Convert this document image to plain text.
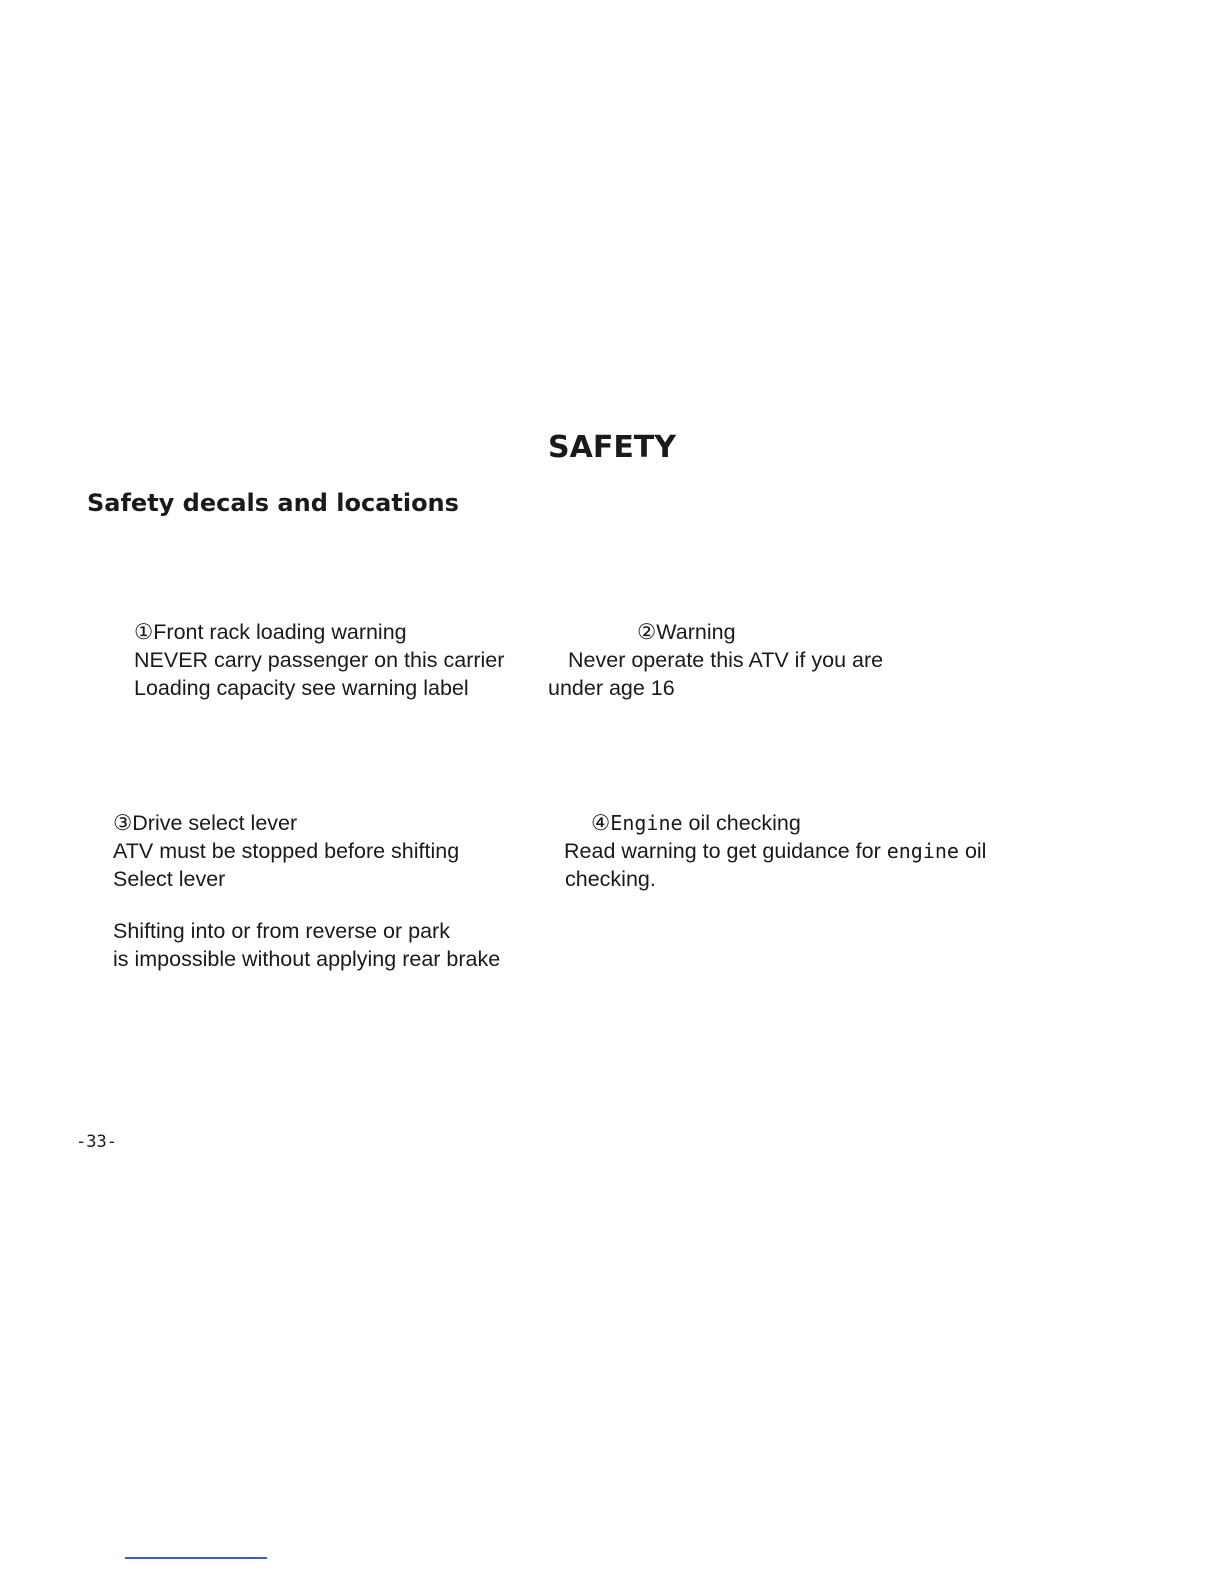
SAFETY
Safety decals and locations
①Front rack loading warning
NEVER carry passenger on this carrier
Loading capacity see warning label
②Warning
Never operate this ATV if you are
under age 16
③Drive select lever
ATV must be stopped before shifting
Select lever
Shifting into or from reverse or park
is impossible without applying rear brake
④Engine oil checking
Read warning to get guidance for engine oil
checking.
-33-
